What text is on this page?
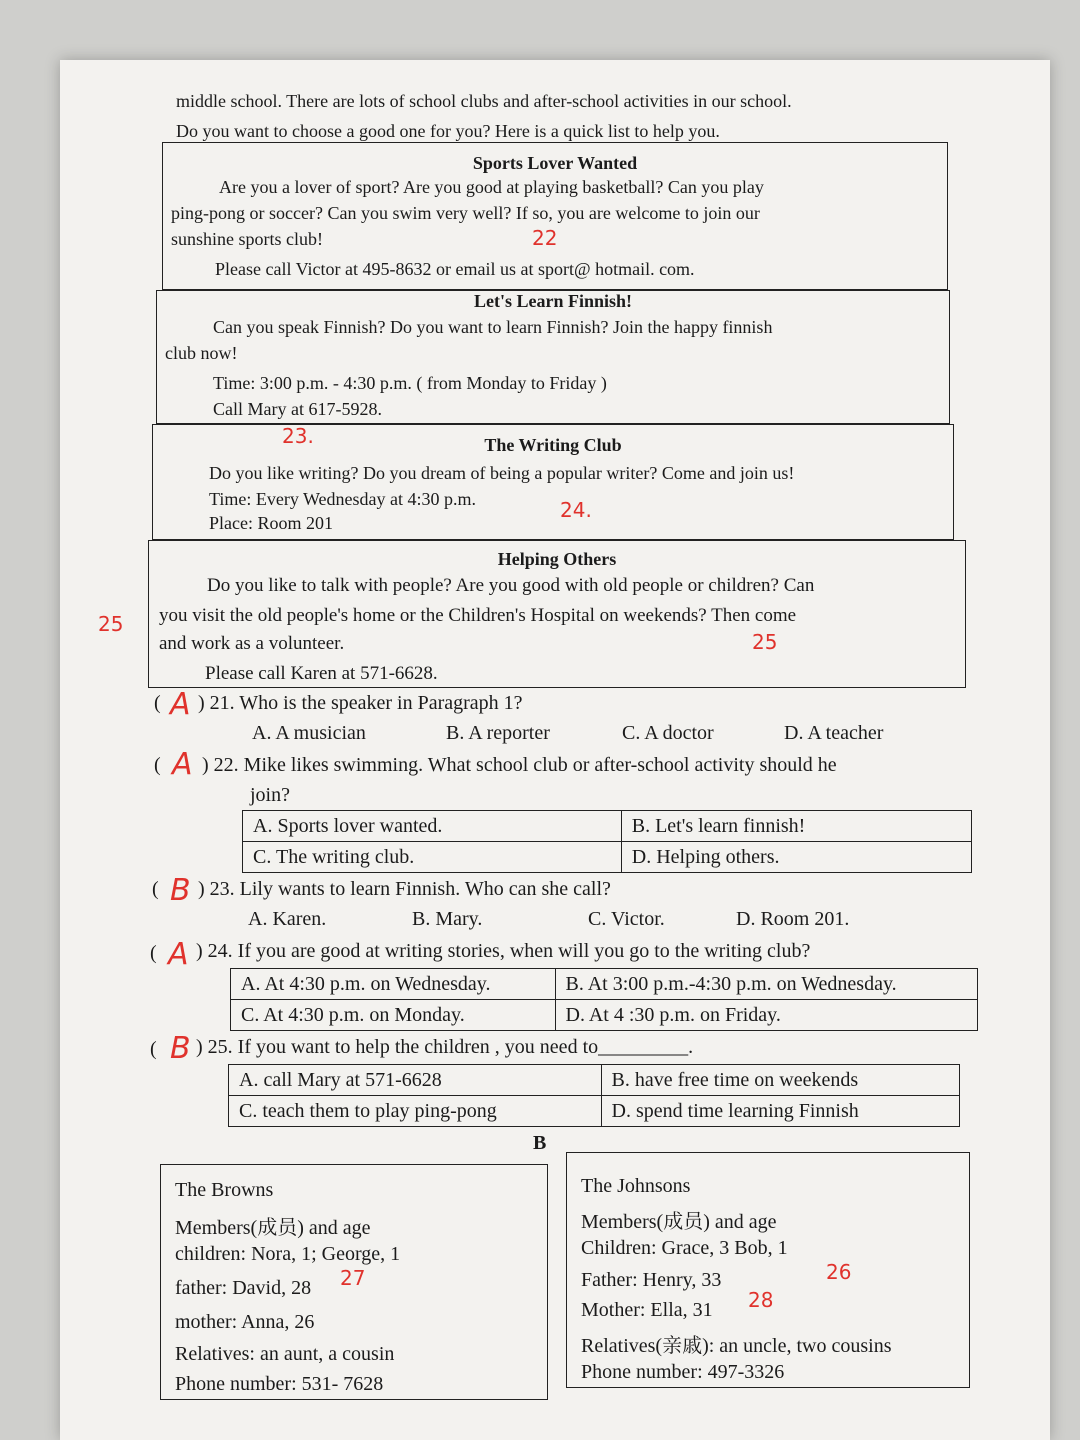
middle school. There are lots of school clubs and after-school activities in our school.
Do you want to choose a good one for you? Here is a quick list to help you.

Sports Lover Wanted

Are you a lover of sport? Are you good at playing basketball? Can you play

ping-pong or soccer? Can you swim very well? If so, you are welcome to join our

sunshine sports club!

Please call Victor at 495-8632 or email us at sport@ hotmail. com.

Let's Learn Finnish!

Can you speak Finnish? Do you want to learn Finnish? Join the happy finnish

club now!

Time: 3:00 p.m. - 4:30 p.m. ( from Monday to Friday )

Call Mary at 617-5928.

The Writing Club

Do you like writing? Do you dream of being a popular writer? Come and join us!

Time: Every Wednesday at 4:30 p.m.

Place: Room 201

Helping Others

Do you like to talk with people? Are you good with old people or children? Can

you visit the old people's home or the Children's Hospital on weekends? Then come

and work as a volunteer.

Please call Karen at 571-6628.

( A ) 21. Who is the speaker in Paragraph 1?
A. A musician	B. A reporter	C. A doctor	D. A teacher
( A ) 22. Mike likes swimming. What school club or after-school activity should he
join?
A. Sports lover wanted.	B. Let's learn finnish!
C. The writing club.	D. Helping others.
( B ) 23. Lily wants to learn Finnish. Who can she call?
A. Karen.	B. Mary.	C. Victor.	D. Room 201.
( A ) 24. If you are good at writing stories, when will you go to the writing club?
A. At 4:30 p.m. on Wednesday.	B. At 3:00 p.m.-4:30 p.m. on Wednesday.
C. At 4:30 p.m. on Monday.	D. At 4 :30 p.m. on Friday.
( B ) 25. If you want to help the children , you need to_________.
A. call Mary at 571-6628	B. have free time on weekends
C. teach them to play ping-pong	D. spend time learning Finnish
B

The Browns

Members(成员) and age

children: Nora, 1; George, 1

father: David, 28

mother: Anna, 26

Relatives: an aunt, a cousin

Phone number: 531- 7628

The Johnsons

Members(成员) and age

Children: Grace, 3 Bob, 1

Father: Henry, 33

Mother: Ella, 31

Relatives(亲戚): an uncle, two cousins

Phone number: 497-3326

22
23.
24.
25
25
26
27
28
